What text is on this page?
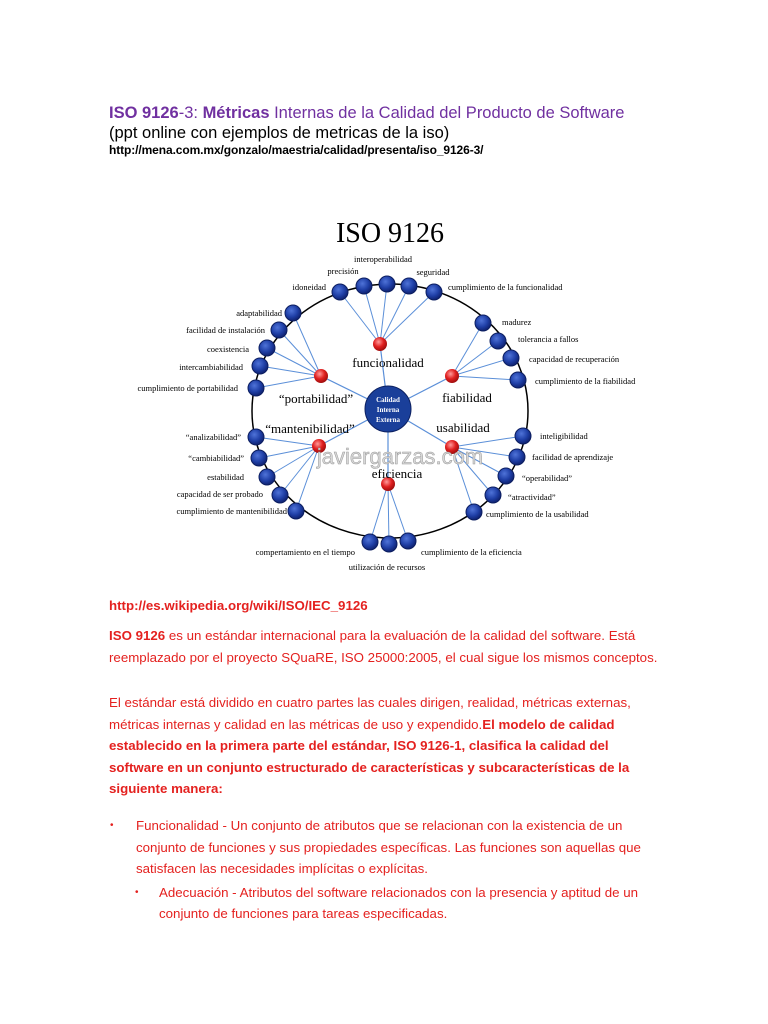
ISO 9126-3: Métricas Internas de la Calidad del Producto de Software
(ppt online con ejemplos de metricas de la iso)
http://mena.com.mx/gonzalo/maestria/calidad/presenta/iso_9126-3/
ISO 9126
Calidad
Interna
Externa
funcionalidad
“portabilidad”	fiabilidad
“mantenibilidad”	usabilidad
eficiencia
javiergarzas.com
interoperabilidad
precisión	seguridad
idoneidad	cumplimiento de la funcionalidad
adaptabilidad
facilidad de instalación
coexistencia
intercambiabilidad
cumplimiento de portabilidad
madurez
tolerancia a fallos
capacidad de recuperación
cumplimiento de la fiabilidad
“analizabilidad”
“cambiabilidad”
estabilidad
capacidad de ser probado
cumplimiento de mantenibilidad
inteligibilidad
facilidad de aprendizaje
“operabilidad”
“atractividad”
cumplimiento de la usabilidad
compertamiento en el tiempo
utilización de recursos
cumplimiento de la eficiencia
http://es.wikipedia.org/wiki/ISO/IEC_9126
ISO 9126 es un estándar internacional para la evaluación de la calidad del software. Está reemplazado por el proyecto SQuaRE, ISO 25000:2005, el cual sigue los mismos conceptos.
El estándar está dividido en cuatro partes las cuales dirigen, realidad, métricas externas, métricas internas y calidad en las métricas de uso y expendido.El modelo de calidad establecido en la primera parte del estándar, ISO 9126-1, clasifica la calidad del software en un conjunto estructurado de características y subcaracterísticas de la siguiente manera:
• Funcionalidad - Un conjunto de atributos que se relacionan con la existencia de un conjunto de funciones y sus propiedades específicas. Las funciones son aquellas que satisfacen las necesidades implícitas o explícitas.
• Adecuación - Atributos del software relacionados con la presencia y aptitud de un conjunto de funciones para tareas especificadas.
